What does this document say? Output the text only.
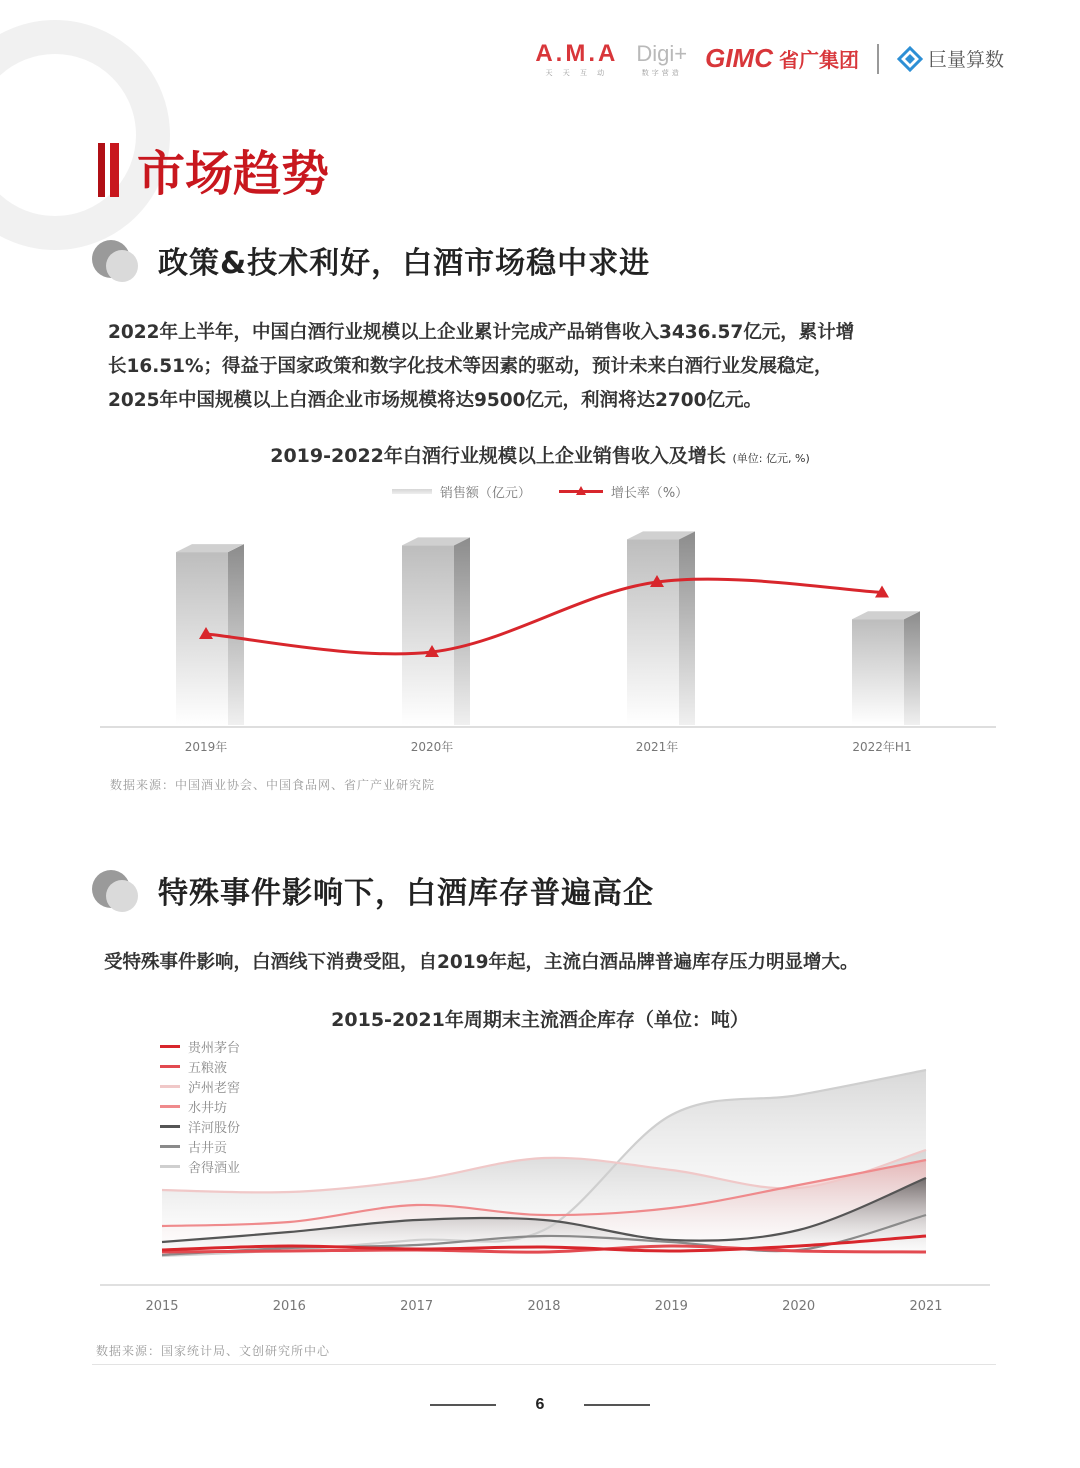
A.M.A
天 天 互 动
Digi+
数字营造 GIMC 省广集团	巨量算数
市场趋势
政策&技术利好，白酒市场稳中求进
2022年上半年，中国白酒行业规模以上企业累计完成产品销售收入3436.57亿元，累计增
长16.51%；得益于国家政策和数字化技术等因素的驱动，预计未来白酒行业发展稳定，
2025年中国规模以上白酒企业市场规模将达9500亿元，利润将达2700亿元。
2019-2022年白酒行业规模以上企业销售收入及增长 (单位: 亿元, %)
销售额（亿元）	增长率（%）
2019年	2020年	2021年	2022年H1
数据来源：中国酒业协会、中国食品网、省广产业研究院
特殊事件影响下，白酒库存普遍高企
受特殊事件影响，白酒线下消费受阻，自2019年起，主流白酒品牌普遍库存压力明显增大。
2015-2021年周期末主流酒企库存（单位：吨）
贵州茅台
五粮液
泸州老窖
水井坊
洋河股份
古井贡
舍得酒业
2015	2016	2017	2018	2019	2020	2021
数据来源：国家统计局、文创研究所中心
6
